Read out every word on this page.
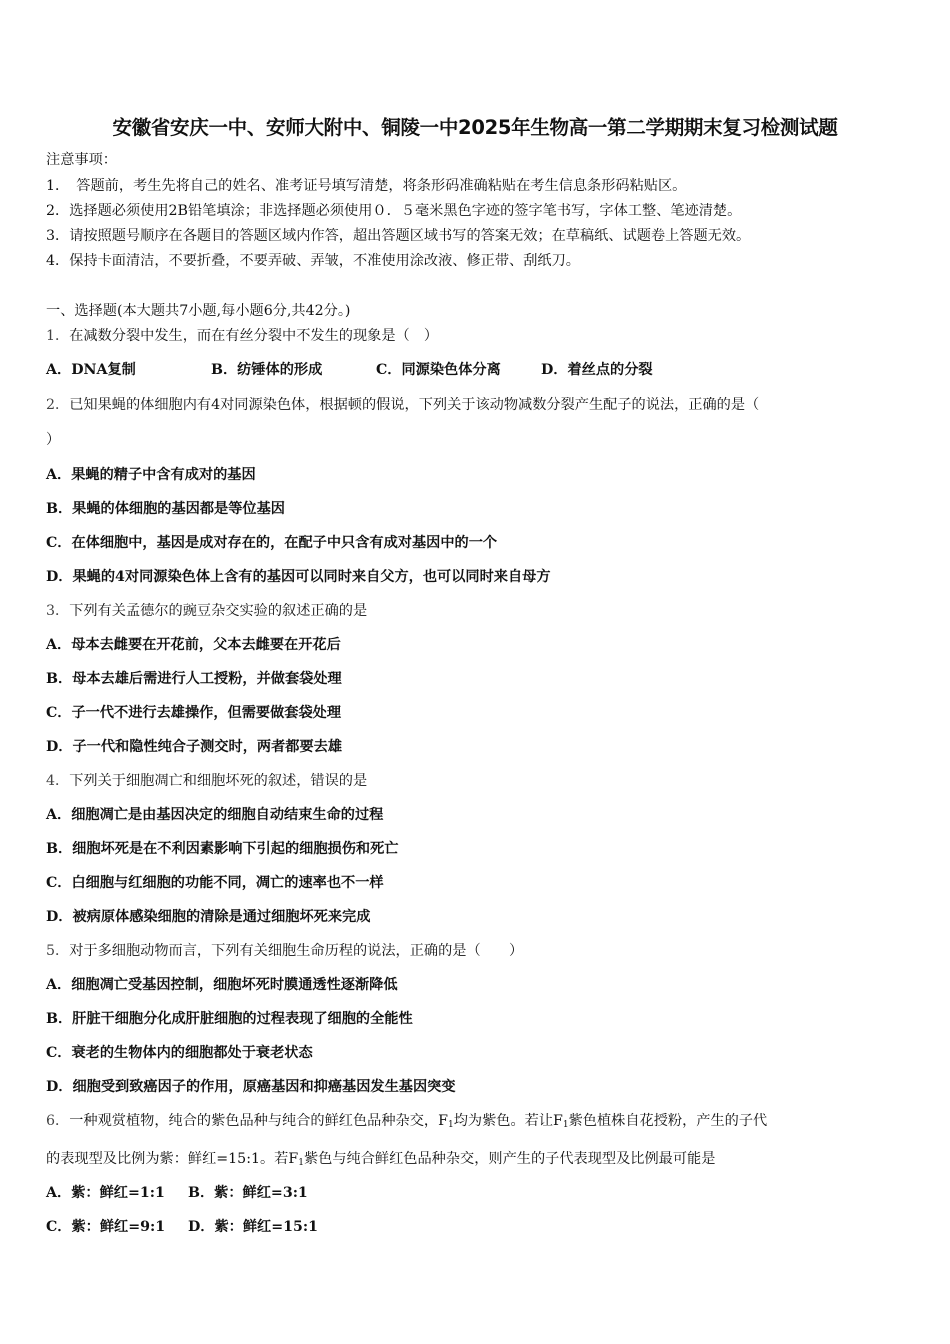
安徽省安庆一中、安师大附中、铜陵一中2025年生物高一第二学期期末复习检测试题
注意事项：
1．　答题前，考生先将自己的姓名、准考证号填写清楚，将条形码准确粘贴在考生信息条形码粘贴区。
2．选择题必须使用2B铅笔填涂；非选择题必须使用０．５毫米黑色字迹的签字笔书写，字体工整、笔迹清楚。
3．请按照题号顺序在各题目的答题区域内作答，超出答题区域书写的答案无效；在草稿纸、试题卷上答题无效。
4．保持卡面清洁，不要折叠，不要弄破、弄皱，不准使用涂改液、修正带、刮纸刀。
一、选择题(本大题共7小题,每小题6分,共42分。)
1．在减数分裂中发生，而在有丝分裂中不发生的现象是（　）
A．DNA复制	B．纺锤体的形成	C．同源染色体分离	D．着丝点的分裂
2．已知果蝇的体细胞内有4对同源染色体，根据顿的假说，下列关于该动物减数分裂产生配子的说法，正确的是（
）
A．果蝇的精子中含有成对的基因
B．果蝇的体细胞的基因都是等位基因
C．在体细胞中，基因是成对存在的，在配子中只含有成对基因中的一个
D．果蝇的4对同源染色体上含有的基因可以同时来自父方，也可以同时来自母方
3．下列有关孟德尔的豌豆杂交实验的叙述正确的是
A．母本去雌要在开花前，父本去雌要在开花后
B．母本去雄后需进行人工授粉，并做套袋处理
C．子一代不进行去雄操作，但需要做套袋处理
D．子一代和隐性纯合子测交时，两者都要去雄
4．下列关于细胞凋亡和细胞坏死的叙述，错误的是
A．细胞凋亡是由基因决定的细胞自动结束生命的过程
B．细胞坏死是在不利因素影响下引起的细胞损伤和死亡
C．白细胞与红细胞的功能不同，凋亡的速率也不一样
D．被病原体感染细胞的清除是通过细胞坏死来完成
5．对于多细胞动物而言，下列有关细胞生命历程的说法，正确的是（　　）
A．细胞凋亡受基因控制，细胞坏死时膜通透性逐渐降低
B．肝脏干细胞分化成肝脏细胞的过程表现了细胞的全能性
C．衰老的生物体内的细胞都处于衰老状态
D．细胞受到致癌因子的作用，原癌基因和抑癌基因发生基因突变
6．一种观赏植物，纯合的紫色品种与纯合的鲜红色品种杂交，$F_1$均为紫色。若让$F_1$紫色植株自花授粉，产生的子代
的表现型及比例为紫：鲜红=15:1。若$F_1$紫色与纯合鲜红色品种杂交，则产生的子代表现型及比例最可能是
A．紫：鲜红=1:1 B．紫：鲜红=3:1
C．紫：鲜红=9:1 D．紫：鲜红=15:1
